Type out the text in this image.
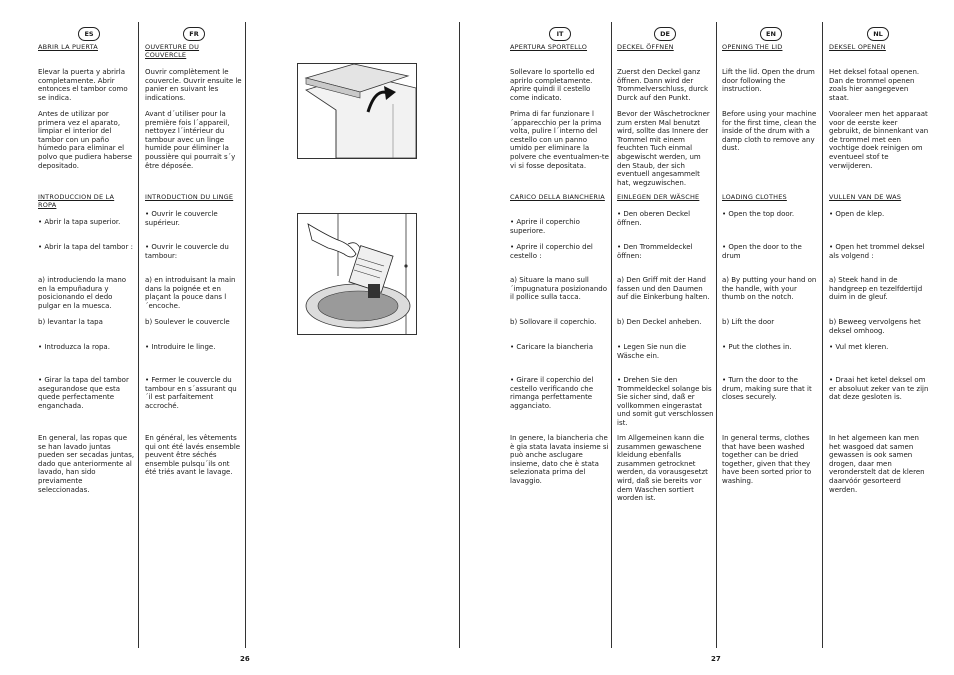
ES
ABRIR LA PUERTA
Elevar la puerta y abrirla completamente. Abrir entonces el tambor como se indica.
Antes de utilizar por primera vez el aparato, limpiar el interior del tambor con un paño húmedo para eliminar el polvo que pudiera haberse depositado.
INTRODUCCION DE LA ROPA
• Abrir la tapa superior.
• Abrir la tapa del tambor :
a) introduciendo la mano en la empuñadura y posicionando el dedo pulgar en la muesca.
b) levantar la tapa
• Introduzca la ropa.
• Girar la tapa del tambor asegurandose que esta quede perfectamente enganchada.
En general, las ropas que se han lavado juntas pueden ser secadas juntas, dado que anteriormente al lavado, han sido previamente seleccionadas.
FR
OUVERTURE DU COUVERCLE
Ouvrir complètement le couvercle. Ouvrir ensuite le panier en suivant les indications.
Avant d´utiliser pour la première fois l´appareil, nettoyez l´intérieur du tambour avec un linge humide pour éliminer la poussière qui pourrait s´y être déposée.
INTRODUCTION DU LINGE
• Ouvrir le couvercle supérieur.
• Ouvrir le couvercle du tambour:
a) en introduisant la main dans la poignée et en plaçant la pouce dans l´encoche.
b) Soulever le couvercle
• Introduire le linge.
• Fermer le couvercle du tambour en s´assurant qu´il est parfaitement accroché.
En général, les vêtements qui ont été lavés ensemble peuvent être séchés ensemble pulsqu´ils ont été triés avant le lavage.
26
IT
APERTURA SPORTELLO
Sollevare lo sportello ed aprirlo completamente. Aprire quindi il cestello come indicato.
Prima di far funzionare l´apparecchio per la prima volta, pulire l´interno del cestello con un panno umido per eliminare la polvere che eventualmen-te vi si fosse depositata.
CARICO DELLA BIANCHERIA
• Aprire il coperchio superiore.
• Aprire il coperchio del cestello :
a) Situare la mano sull´impugnatura posizionando il pollice sulla tacca.
b) Sollovare il coperchio.
• Caricare la biancheria
• Girare il coperchio del cestello verificando che rimanga perfettamente agganciato.
In genere, la biancheria che è gia stata lavata insieme si può anche asclugare insieme, dato che è stata selezionata prima del lavaggio.
DE
DECKEL ÖFFNEN
Zuerst den Deckel ganz öffnen. Dann wird der Trommelverschluss, durck Durck auf den Punkt.
Bevor der Wäschetrockner zum ersten Mal benutzt wird, sollte das Innere der Trommel mit einem feuchten Tuch einmal abgewischt werden, um den Staub, der sich eventuell angesammelt hat, wegzuwischen.
EINLEGEN DER WÄSCHE
• Den oberen Deckel öffnen.
• Den Trommeldeckel öffnen:
a) Den Griff mit der Hand fassen und den Daumen auf die Einkerbung halten.
b) Den Deckel anheben.
• Legen Sie nun die Wäsche ein.
• Drehen Sie den Trommeldeckel solange bis Sie sicher sind, daß er vollkommen eingerastat und somit gut verschlossen ist.
Im Allgemeinen kann die zusammen gewaschene kleidung ebenfalls zusammen getrocknet werden, da vorausgesetzt wird, daß sie bereits vor dem Waschen sortiert worden ist.
EN
OPENING THE LID
Lift the lid. Open the drum door following the instruction.
Before using your machine for the first time, clean the inside of the drum with a damp cloth to remove any dust.
LOADING CLOTHES
• Open the top door.
• Open the door to the drum
a) By putting your hand on the handle, with your thumb on the notch.
b) Lift the door
• Put the clothes in.
• Turn the door to the drum, making sure that it closes securely.
In general terms, clothes that have been washed together can be dried together, given that they have been sorted prior to washing.
NL
DEKSEL OPENEN
Het deksel fotaal openen. Dan de trommel openen zoals hier aangegeven staat.
Vooraleer men het apparaat voor de eerste keer gebruikt, de binnenkant van de trommel met een vochtige doek reinigen om eventueel stof te verwijderen.
VULLEN VAN DE WAS
• Open de klep.
• Open het trommel deksel als volgend :
a) Steek hand in de handgreep en tezelfdertijd duim in de gleuf.
b) Beweeg vervolgens het deksel omhoog.
• Vul met kleren.
• Draai het ketel deksel om er absoluut zeker van te zijn dat deze gesloten is.
In het algemeen kan men het wasgoed dat samen gewassen is ook samen drogen, daar men veronderstelt dat de kleren daarvóór gesorteerd werden.
27
